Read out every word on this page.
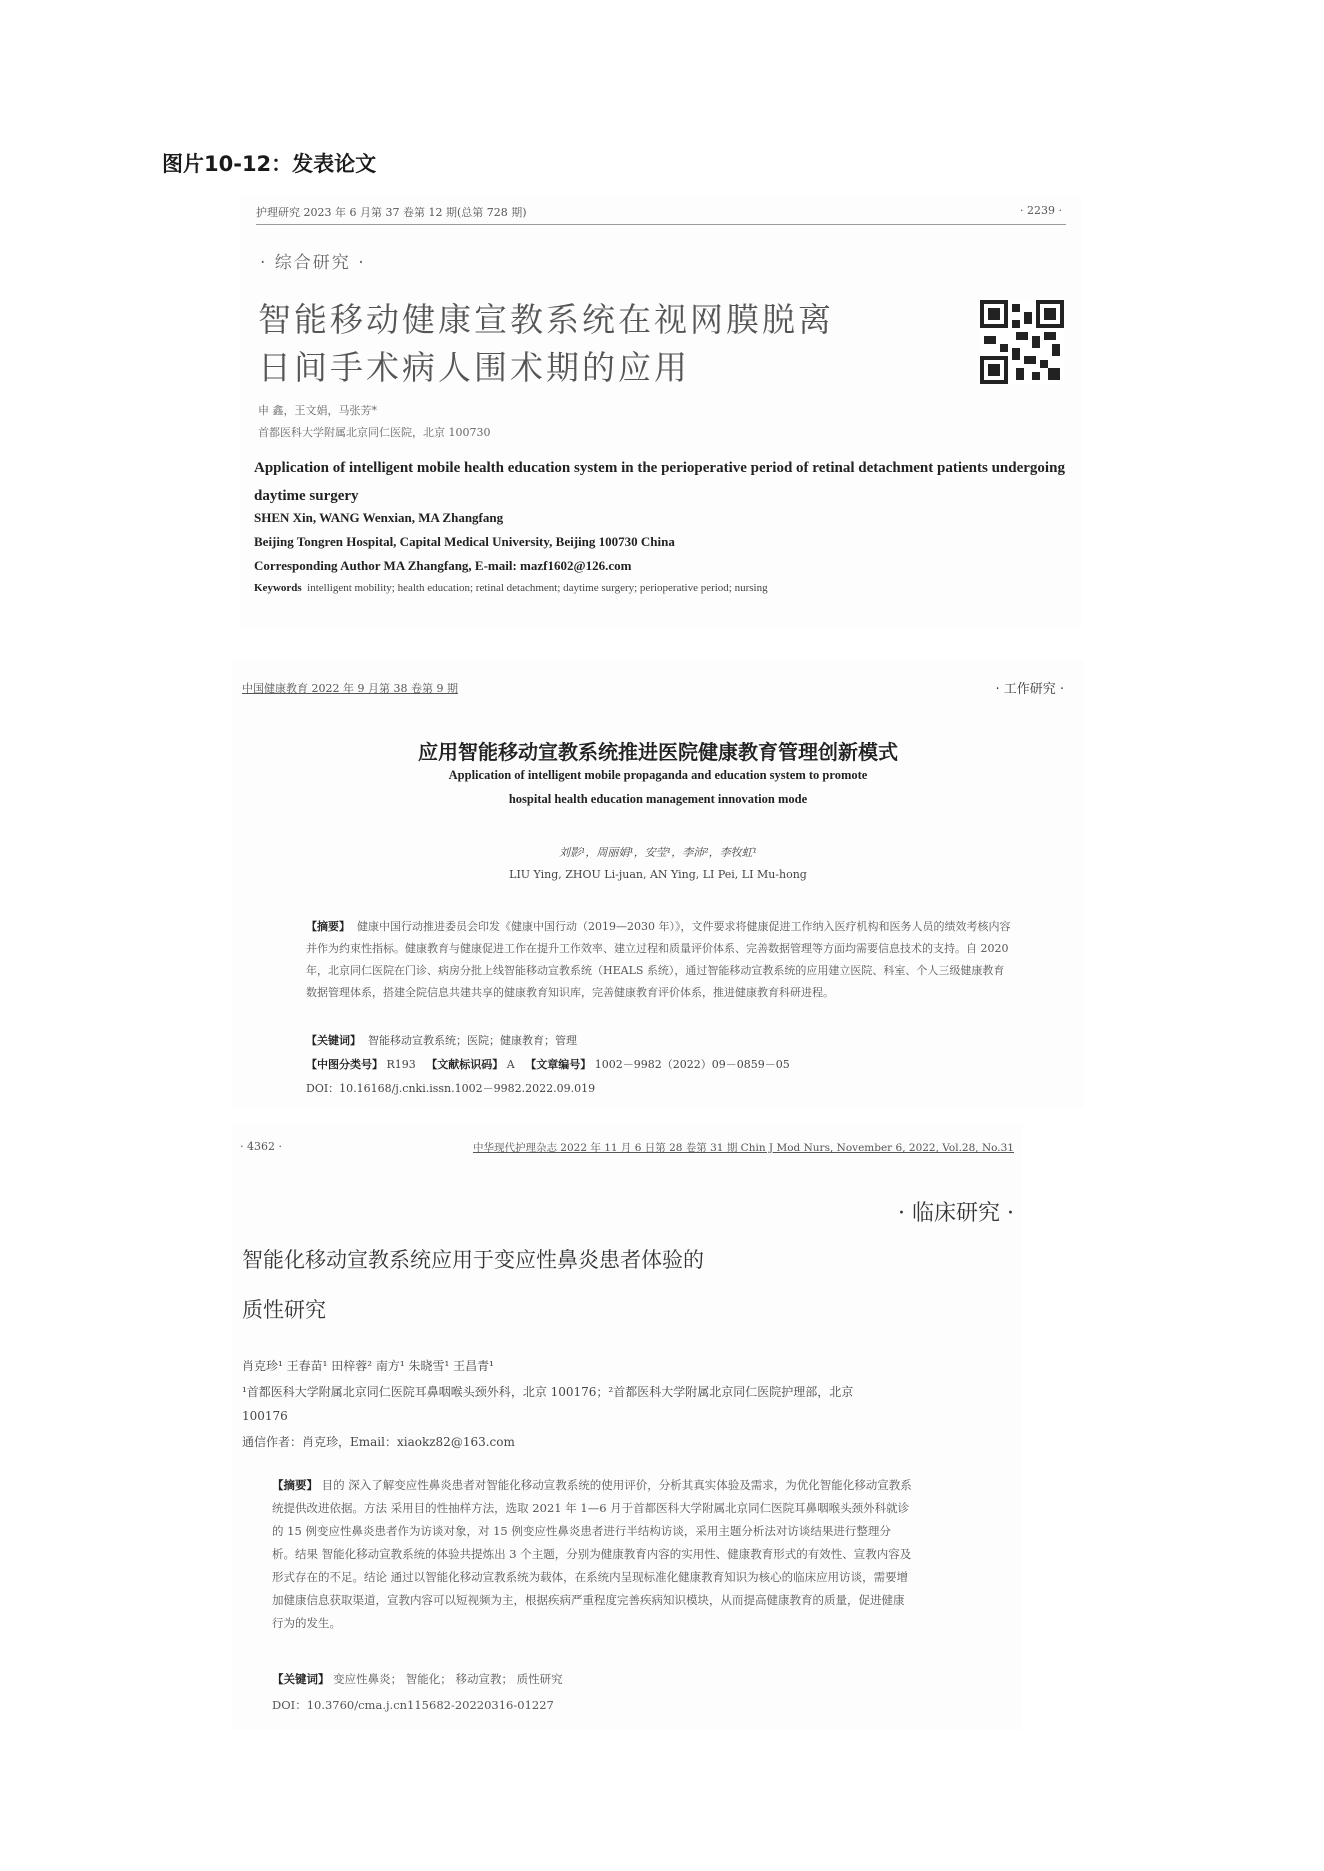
图片10-12：发表论文
护理研究 2023 年 6 月第 37 卷第 12 期(总第 728 期)	· 2239 ·
· 综合研究 ·
智能移动健康宣教系统在视网膜脱离
日间手术病人围术期的应用
申 鑫，王文娟，马张芳*
首都医科大学附属北京同仁医院，北京 100730
Application of intelligent mobile health education system in the perioperative period of retinal detachment patients undergoing daytime surgery
SHEN Xin, WANG Wenxian, MA Zhangfang
Beijing Tongren Hospital, Capital Medical University, Beijing 100730 China
Corresponding Author MA Zhangfang, E-mail: mazf1602@126.com
Keywords intelligent mobility; health education; retinal detachment; daytime surgery; perioperative period; nursing
中国健康教育 2022 年 9 月第 38 卷第 9 期	· 工作研究 ·
应用智能移动宣教系统推进医院健康教育管理创新模式
Application of intelligent mobile propaganda and education system to promote
hospital health education management innovation mode
刘影¹，周丽娟¹，安莹¹，李沛²，李牧虹¹
LIU Ying, ZHOU Li-juan, AN Ying, LI Pei, LI Mu-hong
【摘要】 健康中国行动推进委员会印发《健康中国行动（2019—2030 年）》，文件要求将健康促进工作纳入医疗机构和医务人员的绩效考核内容并作为约束性指标。健康教育与健康促进工作在提升工作效率、建立过程和质量评价体系、完善数据管理等方面均需要信息技术的支持。自 2020 年，北京同仁医院在门诊、病房分批上线智能移动宣教系统（HEALS 系统），通过智能移动宣教系统的应用建立医院、科室、个人三级健康教育数据管理体系，搭建全院信息共建共享的健康教育知识库，完善健康教育评价体系，推进健康教育科研进程。
【关键词】 智能移动宣教系统；医院；健康教育；管理
【中图分类号】 R193 【文献标识码】 A 【文章编号】 1002－9982（2022）09－0859－05
DOI：10.16168/j.cnki.issn.1002－9982.2022.09.019
· 4362 ·	中华现代护理杂志 2022 年 11 月 6 日第 28 卷第 31 期 Chin J Mod Nurs, November 6, 2022, Vol.28, No.31
· 临床研究 ·
智能化移动宣教系统应用于变应性鼻炎患者体验的
质性研究
肖克珍¹ 王春苗¹ 田梓蓉² 南方¹ 朱晓雪¹ 王昌青¹
¹首都医科大学附属北京同仁医院耳鼻咽喉头颈外科，北京 100176；²首都医科大学附属北京同仁医院护理部，北京 100176
通信作者：肖克珍，Email：xiaokz82@163.com
【摘要】 目的 深入了解变应性鼻炎患者对智能化移动宣教系统的使用评价，分析其真实体验及需求，为优化智能化移动宣教系统提供改进依据。方法 采用目的性抽样方法，选取 2021 年 1—6 月于首都医科大学附属北京同仁医院耳鼻咽喉头颈外科就诊的 15 例变应性鼻炎患者作为访谈对象，对 15 例变应性鼻炎患者进行半结构访谈，采用主题分析法对访谈结果进行整理分析。结果 智能化移动宣教系统的体验共提炼出 3 个主题，分别为健康教育内容的实用性、健康教育形式的有效性、宣教内容及形式存在的不足。结论 通过以智能化移动宣教系统为载体，在系统内呈现标准化健康教育知识为核心的临床应用访谈，需要增加健康信息获取渠道，宣教内容可以短视频为主，根据疾病严重程度完善疾病知识模块，从而提高健康教育的质量，促进健康行为的发生。
【关键词】 变应性鼻炎； 智能化； 移动宣教； 质性研究
DOI：10.3760/cma.j.cn115682-20220316-01227
